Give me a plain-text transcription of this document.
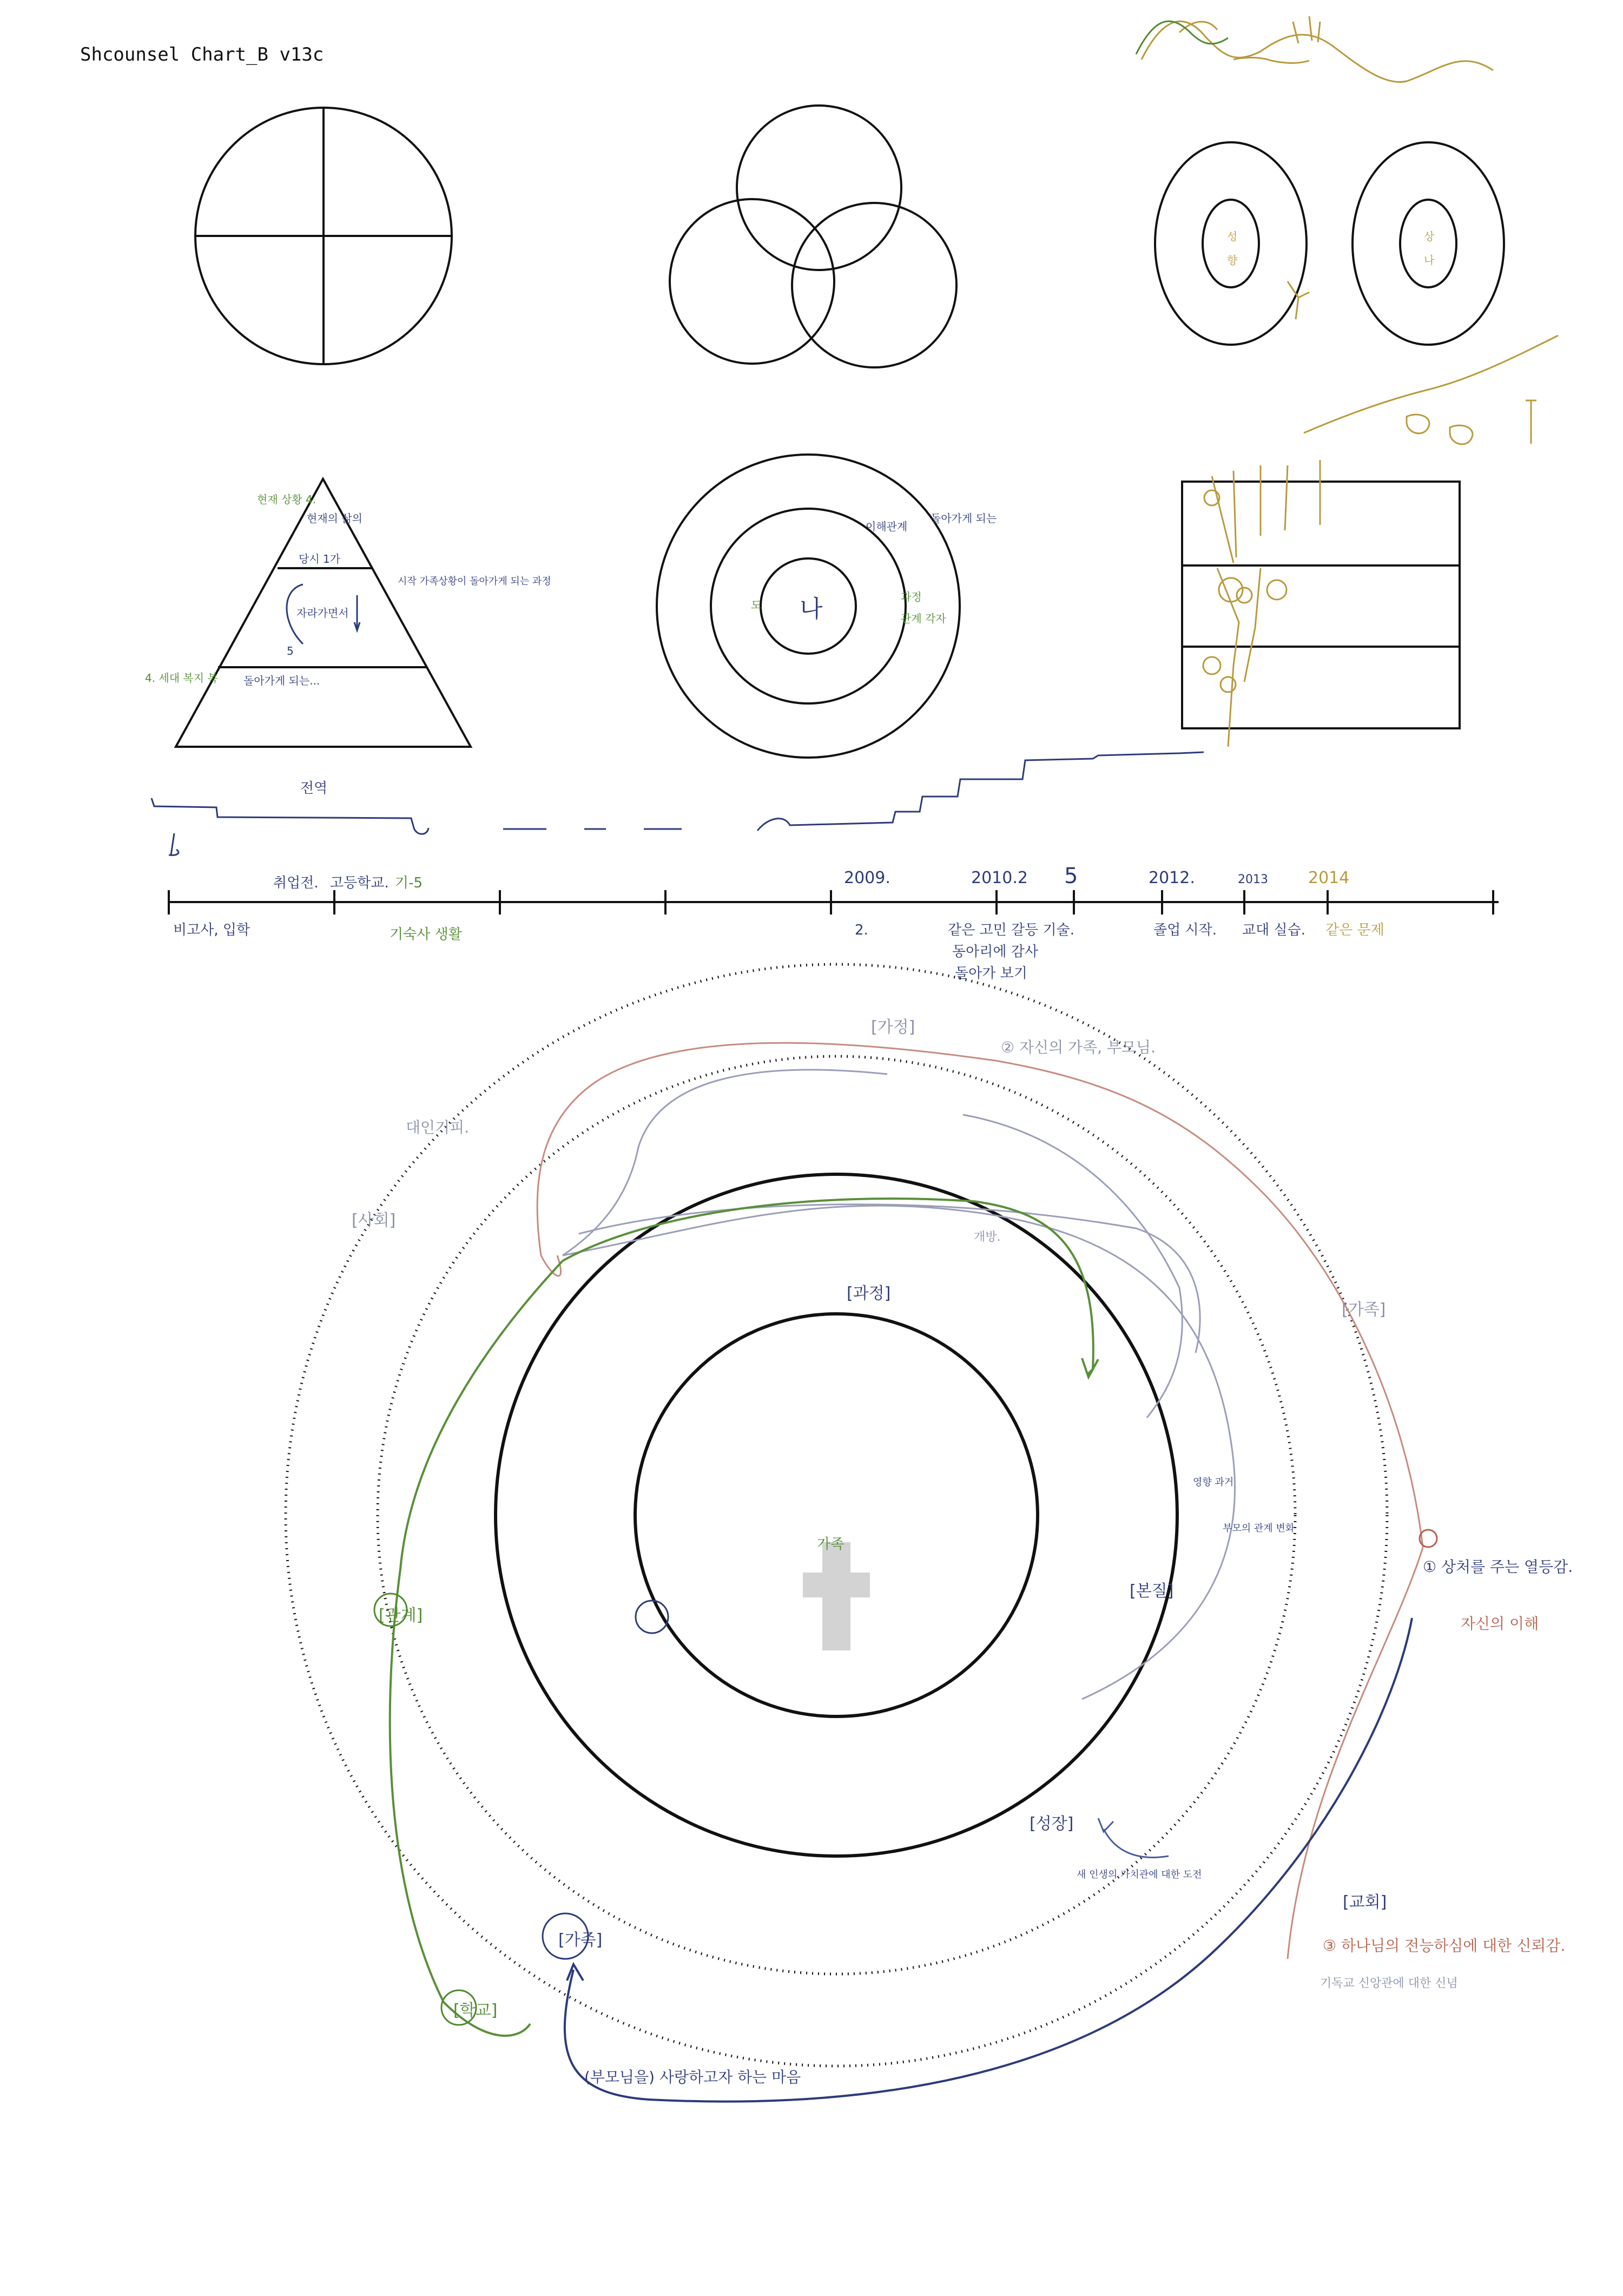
Shcounsel Chart_B v13c
성
향
상
나
현재의 삶의
당시 1가
자라가면서
돌아가게 되는...
현재 상황 4.
4. 세대 복지 복
시작 가족상황이 돌아가게 되는 과정
5
나
이해관계
돌아가게 되는
과정
도
관계 각자
2009.	2010.2 5	2012.	2013 2014
취업전. 고등학교. 기-5
전역
비고사, 입학	기숙사 생활	2.	같은 고민 갈등 기술.
동아리에 감사
돌아가 보기
졸업 시작. 교대 실습. 같은 문제
[가정]
[사회]
[가족]
[과정]
[본질]
[교회]
[관계]
[학교]
[가족]
[성장]
가족
② 자신의 가족, 부모님.
대인기피.
개방.
① 상처를 주는 열등감.
자신의 이해
③ 하나님의 전능하심에 대한 신뢰감.
기독교 신앙관에 대한 신념
(부모님을) 사랑하고자 하는 마음
새 인생의 가치관에 대한 도전
영향 과거
부모의 관계 변화
